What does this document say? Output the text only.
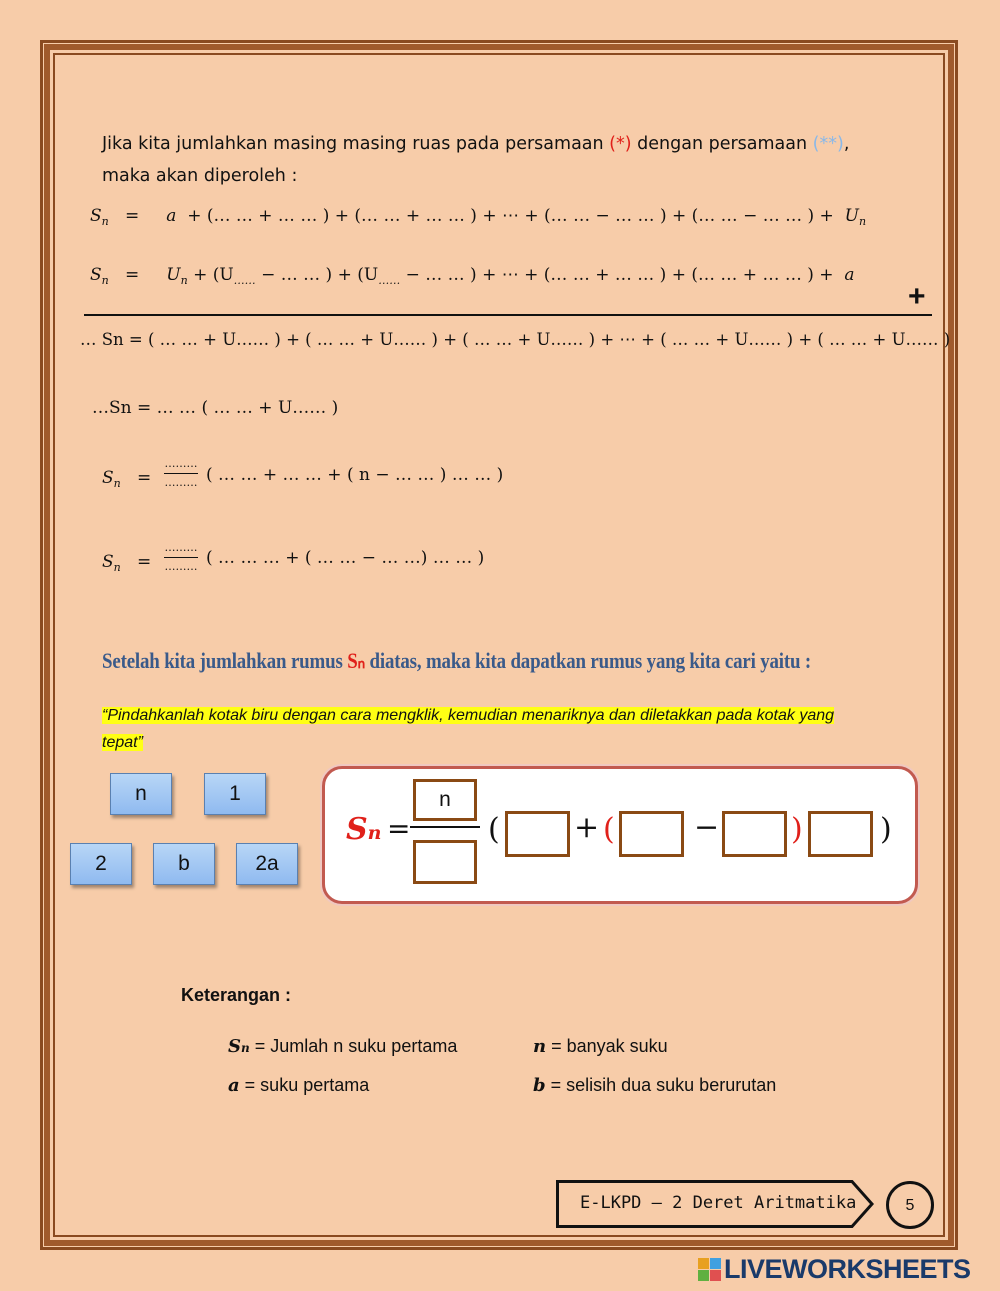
Jika kita jumlahkan masing masing ruas pada persamaan (*) dengan persamaan (**),
maka akan diperoleh :
$S_n$   =     a + (… … + … … ) + (… … + … … ) + ⋯ + (… … − … … ) + (… … − … … ) + $U_n$
$S_n$   =     $U_n + (U_{\dots\dots}$ − … … ) + ($U_{\dots\dots}$ − … … ) + ⋯ + (… … + … … ) + (… … + … … ) + a
+
… Sn = ( … … + U…… ) + ( … … + U…… ) + ( … … + U…… ) + ⋯ + ( … … + U…… ) + ( … … + U…… )
…Sn = … … ( … … + U…… )
$S_n$   =
………
……… ( … … + … … + ( n − … … ) … … )
$S_n$   =
………
……… ( … … … + ( … … − … …) … … )
Setelah kita jumlahkan rumus Sₙ diatas, maka kita dapatkan rumus yang kita cari yaitu :
“Pindahkanlah kotak biru dengan cara mengklik, kemudian menariknya dan diletakkan pada kotak yang tepat”
n	1
2	b	2a
Sn =
n
( + (	− )	)
Keterangan :
Sn = Jumlah n suku pertama	n = banyak suku
a = suku pertama	b = selisih dua suku berurutan
E-LKPD – 2 Deret Aritmatika	5
LIVEWORKSHEETS
